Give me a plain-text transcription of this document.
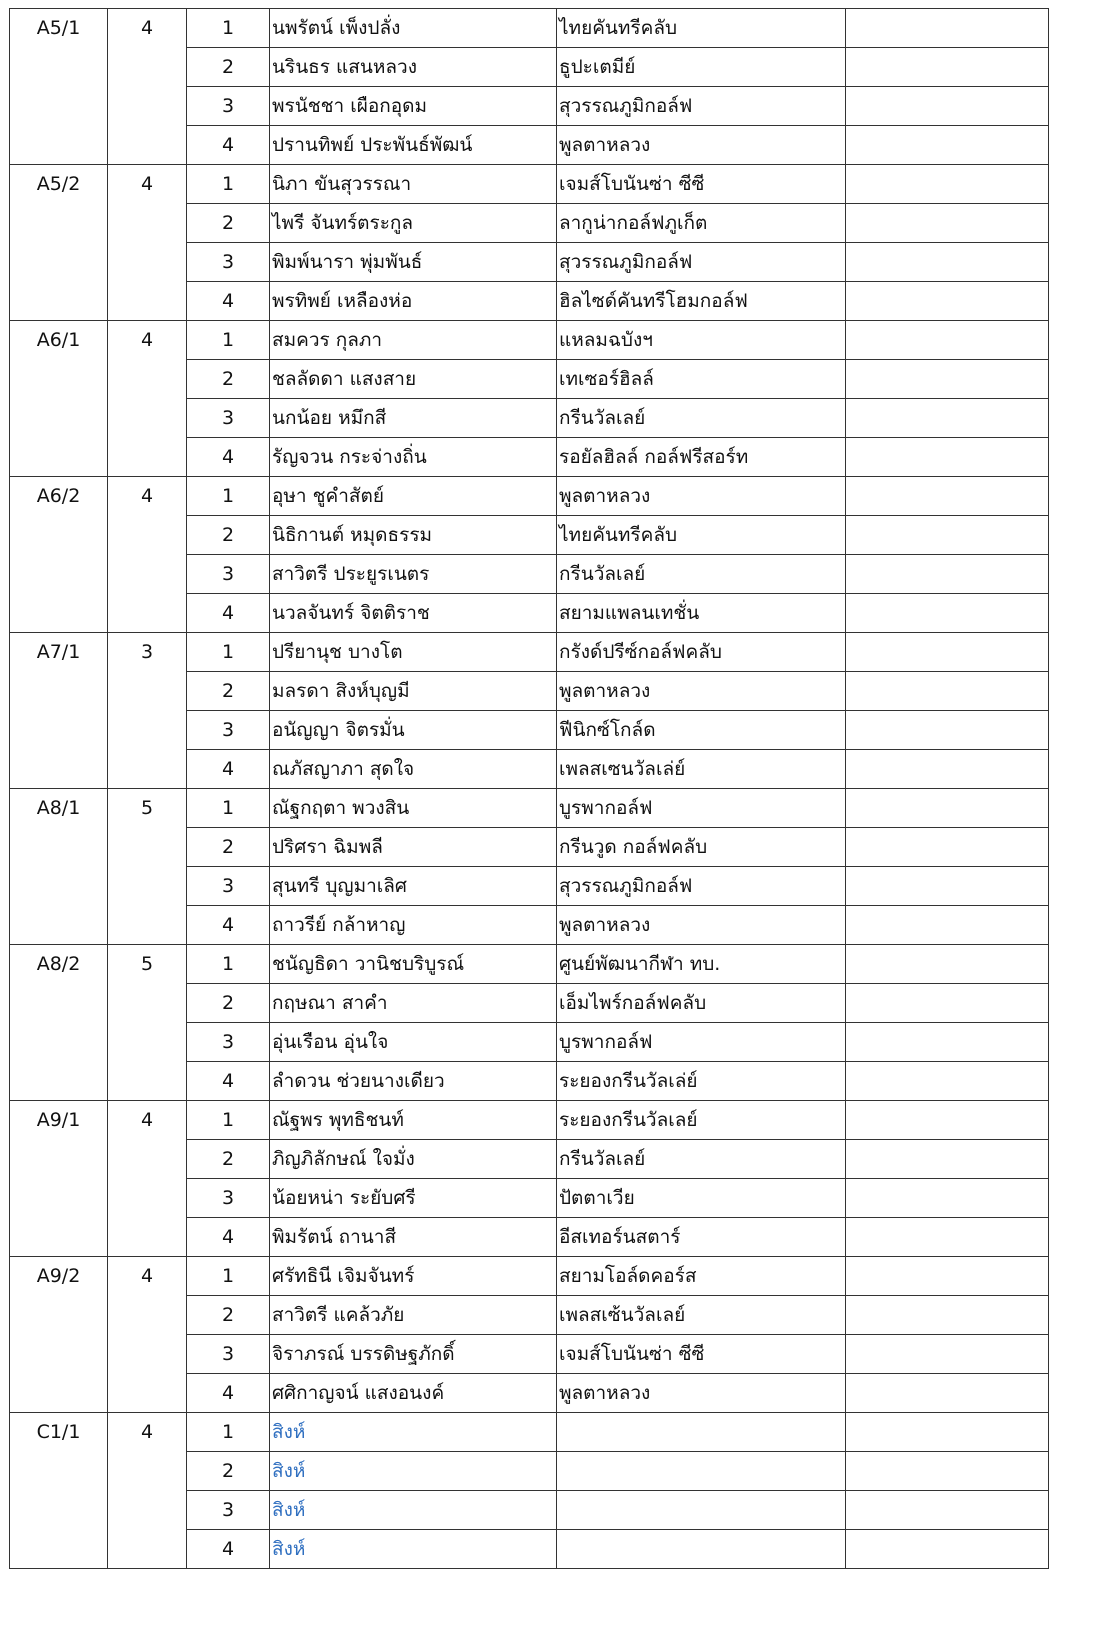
A5/1	4	1	นพรัตน์ เพ็งปลั่ง	ไทยคันทรีคลับ	
		2	นรินธร แสนหลวง	ธูปะเตมีย์	
		3	พรนัชชา เผือกอุดม	สุวรรณภูมิกอล์ฟ	
		4	ปรานทิพย์ ประพันธ์พัฒน์	พูลตาหลวง	
A5/2	4	1	นิภา ขันสุวรรณา	เจมส์โบนันซ่า ซีซี	
		2	ไพรี จันทร์ตระกูล	ลากูน่ากอล์ฟภูเก็ต	
		3	พิมพ์นารา พุ่มพันธ์	สุวรรณภูมิกอล์ฟ	
		4	พรทิพย์ เหลืองห่อ	ฮิลไซด์คันทรีโฮมกอล์ฟ	
A6/1	4	1	สมควร กุลภา	แหลมฉบังฯ	
		2	ชลลัดดา แสงสาย	เทเซอร์ฮิลล์	
		3	นกน้อย หมึกสี	กรีนวัลเลย์	
		4	รัญจวน กระจ่างถิ่น	รอยัลฮิลล์ กอล์ฟรีสอร์ท	
A6/2	4	1	อุษา ชูคำสัตย์	พูลตาหลวง	
		2	นิธิกานต์ หมุดธรรม	ไทยคันทรีคลับ	
		3	สาวิตรี ประยูรเนตร	กรีนวัลเลย์	
		4	นวลจันทร์ จิตติราช	สยามแพลนเทชั่น	
A7/1	3	1	ปรียานุช บางโต	กรังด์ปรีซ์กอล์ฟคลับ	
		2	มลรดา สิงห์บุญมี	พูลตาหลวง	
		3	อนัญญา จิตรมั่น	ฟีนิกซ์โกล์ด	
		4	ณภัสญาภา สุดใจ	เพลสเซนวัลเล่ย์	
A8/1	5	1	ณัฐกฤตา พวงสิน	บูรพากอล์ฟ	
		2	ปริศรา ฉิมพลี	กรีนวูด กอล์ฟคลับ	
		3	สุนทรี บุญมาเลิศ	สุวรรณภูมิกอล์ฟ	
		4	ถาวรีย์ กล้าหาญ	พูลตาหลวง	
A8/2	5	1	ชนัญธิดา วานิชบริบูรณ์	ศูนย์พัฒนากีฬา ทบ.	
		2	กฤษณา สาคำ	เอ็มไพร์กอล์ฟคลับ	
		3	อุ่นเรือน อุ่นใจ	บูรพากอล์ฟ	
		4	ลำดวน ช่วยนางเดียว	ระยองกรีนวัลเล่ย์	
A9/1	4	1	ณัฐพร พุทธิชนท์	ระยองกรีนวัลเลย์	
		2	ภิญภิลักษณ์ ใจมั่ง	กรีนวัลเลย์	
		3	น้อยหน่า ระยับศรี	ปัตตาเวีย	
		4	พิมรัตน์ ถานาสี	อีสเทอร์นสตาร์	
A9/2	4	1	ศรัทธินี เจิมจันทร์	สยามโอล์ดคอร์ส	
		2	สาวิตรี แคล้วภัย	เพลสเซ้นวัลเลย์	
		3	จิราภรณ์ บรรดิษฐภักดิ์	เจมส์โบนันซ่า ซีซี	
		4	ศศิกาญจน์ แสงอนงค์	พูลตาหลวง	
C1/1	4	1	สิงห์		
		2	สิงห์		
		3	สิงห์		
		4	สิงห์		
